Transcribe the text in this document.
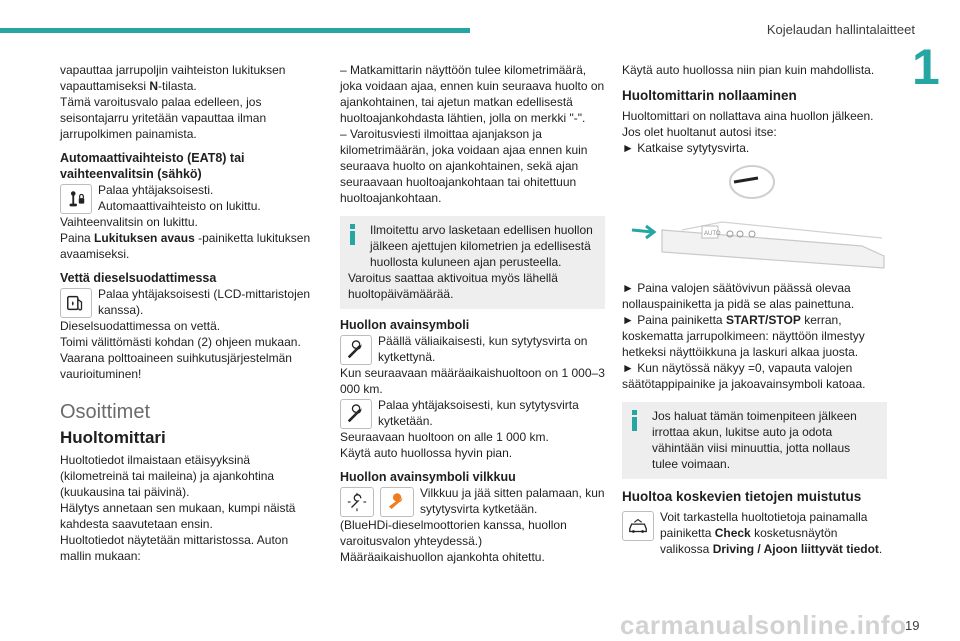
Kojelaudan hallintalaitteet
1
19
carmanualsonline.info

vapauttaa jarrupoljin vaihteiston lukituksen vapauttamiseksi N-tilasta.

Tämä varoitusvalo palaa edelleen, jos seisontajarru yritetään vapauttaa ilman jarrupolkimen painamista.

Automaattivaihteisto (EAT8) tai vaihteenvalitsin (sähkö)

Palaa yhtäjaksoisesti.

Automaattivaihteisto on lukittu.

Vaihteenvalitsin on lukittu.

Paina Lukituksen avaus -painiketta lukituksen avaamiseksi.

Vettä dieselsuodattimessa

Palaa yhtäjaksoisesti (LCD-mittaristojen kanssa).

Dieselsuodattimessa on vettä.

Toimi välittömästi kohdan (2) ohjeen mukaan.

Vaarana polttoaineen suihkutusjärjestelmän vaurioituminen!

Osoittimet

Huoltomittari

Huoltotiedot ilmaistaan etäisyyksinä (kilometreinä tai maileina) ja ajankohtina (kuukausina tai päivinä).

Hälytys annetaan sen mukaan, kumpi näistä kahdesta saavutetaan ensin.

Huoltotiedot näytetään mittaristossa. Auton mallin mukaan:

– Matkamittarin näyttöön tulee kilometrimäärä, joka voidaan ajaa, ennen kuin seuraava huolto on ajankohtainen, tai ajetun matkan edellisestä huoltoajankohdasta lähtien, jolla on merkki "-".

– Varoitusviesti ilmoittaa ajanjakson ja kilometrimäärän, joka voidaan ajaa ennen kuin seuraava huolto on ajankohtainen, sekä ajan seuraavaan huoltoajankohtaan tai ohitettuun huoltoajankohtaan.

Ilmoitettu arvo lasketaan edellisen huollon jälkeen ajettujen kilometrien ja edellisestä huollosta kuluneen ajan perusteella.

Varoitus saattaa aktivoitua myös lähellä huoltopäivämäärää.

Huollon avainsymboli

Päällä väliaikaisesti, kun sytytysvirta on kytkettynä.

Kun seuraavaan määräaikaishuoltoon on 1 000–3 000 km.

Palaa yhtäjaksoisesti, kun sytytysvirta kytketään.

Seuraavaan huoltoon on alle 1 000 km.

Käytä auto huollossa hyvin pian.

Huollon avainsymboli vilkkuu

Vilkkuu ja jää sitten palamaan, kun sytytysvirta kytketään.

(BlueHDi-dieselmoottorien kanssa, huollon varoitusvalon yhteydessä.)

Määräaikaishuollon ajankohta ohitettu.

Käytä auto huollossa niin pian kuin mahdollista.

Huoltomittarin nollaaminen

Huoltomittari on nollattava aina huollon jälkeen.

Jos olet huoltanut autosi itse:

► Katkaise sytytysvirta.

AUTO

► Paina valojen säätövivun päässä olevaa nollauspainiketta ja pidä se alas painettuna.

► Paina painiketta START/STOP kerran, koskematta jarrupolkimeen: näyttöön ilmestyy hetkeksi näyttöikkuna ja laskuri alkaa juosta.

► Kun näytössä näkyy =0, vapauta valojen säätötappipainike ja jakoavainsymboli katoaa.

Jos haluat tämän toimenpiteen jälkeen irrottaa akun, lukitse auto ja odota vähintään viisi minuuttia, jotta nollaus tulee voimaan.

Huoltoa koskevien tietojen muistutus

Voit tarkastella huoltotietoja painamalla painiketta Check kosketusnäytön valikossa Driving / Ajoon liittyvät tiedot.
